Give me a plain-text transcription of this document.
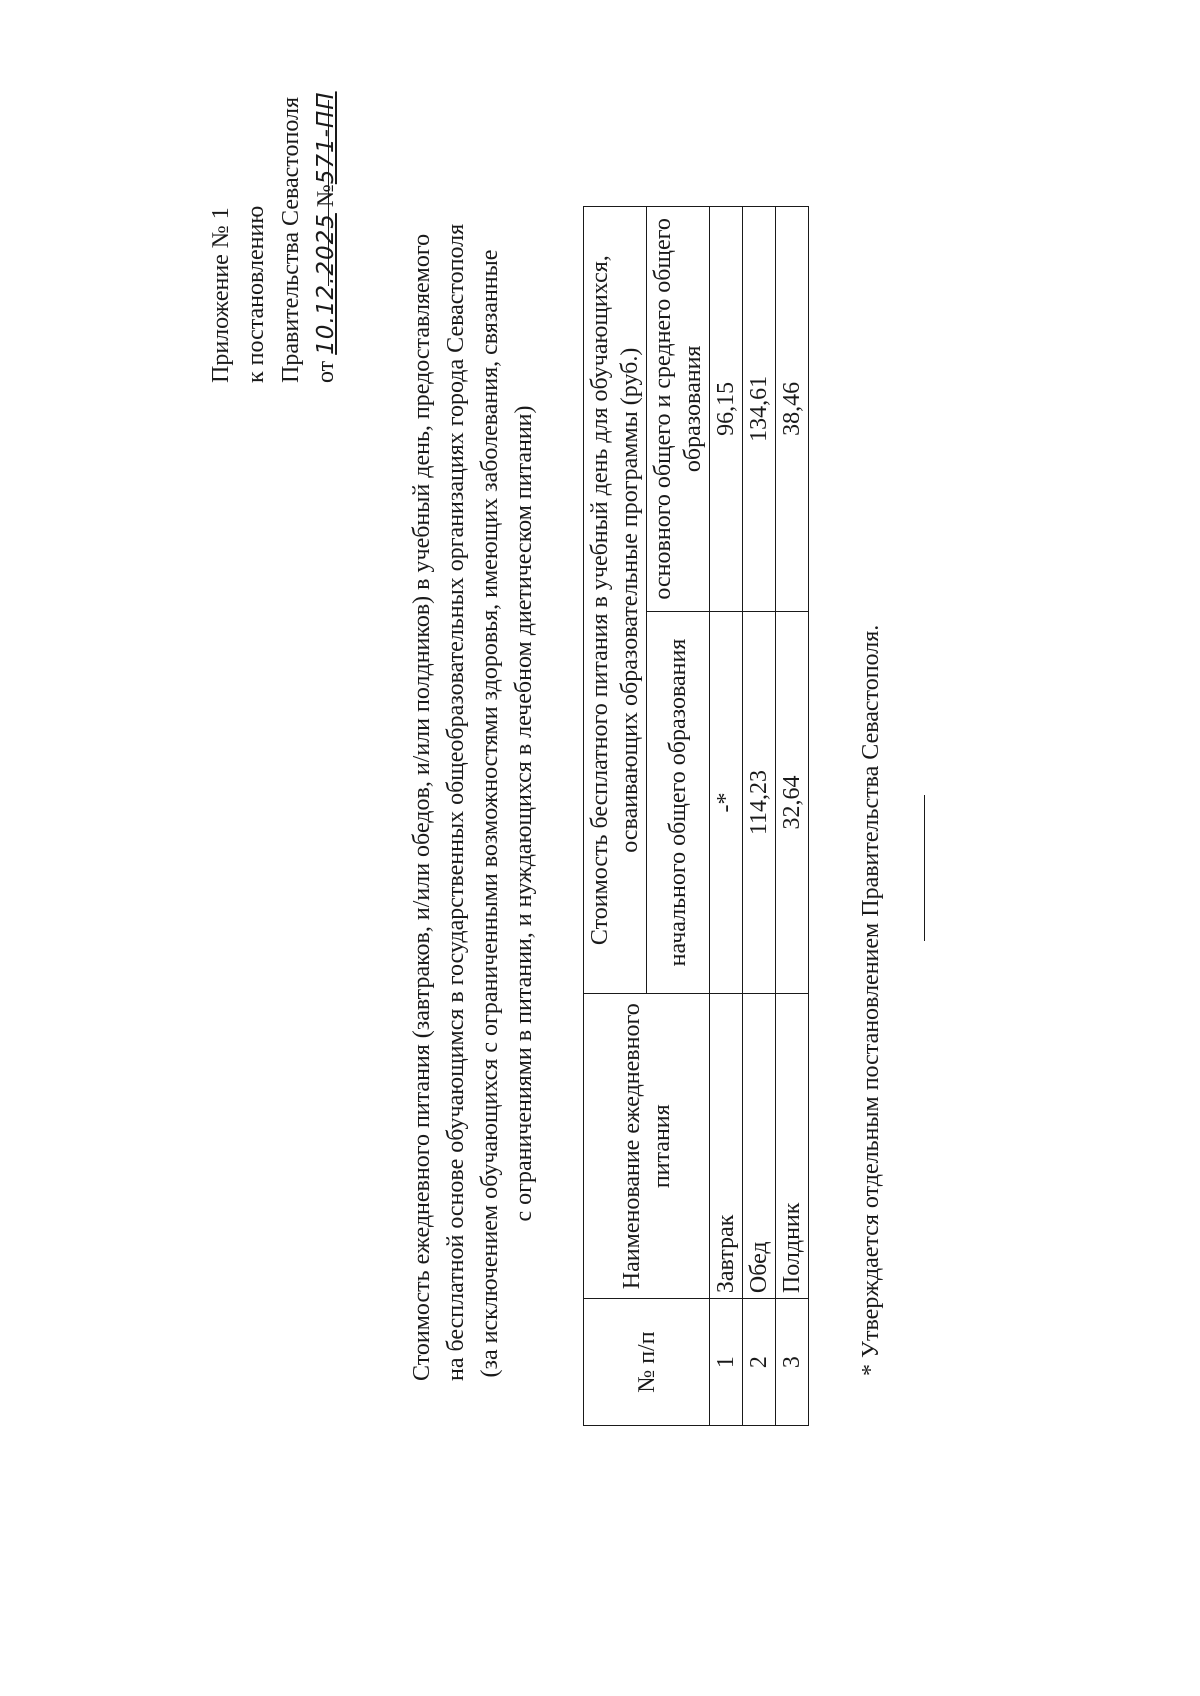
Приложение № 1 к постановлению Правительства Севастополя от 10.12.2025 №571-ПП
Стоимость ежедневного питания (завтраков, и/или обедов, и/или полдников) в учебный день, предоставляемого на бесплатной основе обучающимся в государственных общеобразовательных организациях города Севастополя (за исключением обучающихся с ограниченными возможностями здоровья, имеющих заболевания, связанные с ограничениями в питании, и нуждающихся в лечебном диетическом питании)
№ п/п	Наименование ежедневного питания	Стоимость бесплатного питания в учебный день для обучающихся, осваивающих образовательные программы (руб.)	
		начального общего образования	основного общего и среднего общего образования
1	Завтрак	-*	96,15
2	Обед	114,23	134,61
3	Полдник	32,64	38,46
* Утверждается отдельным постановлением Правительства Севастополя.
